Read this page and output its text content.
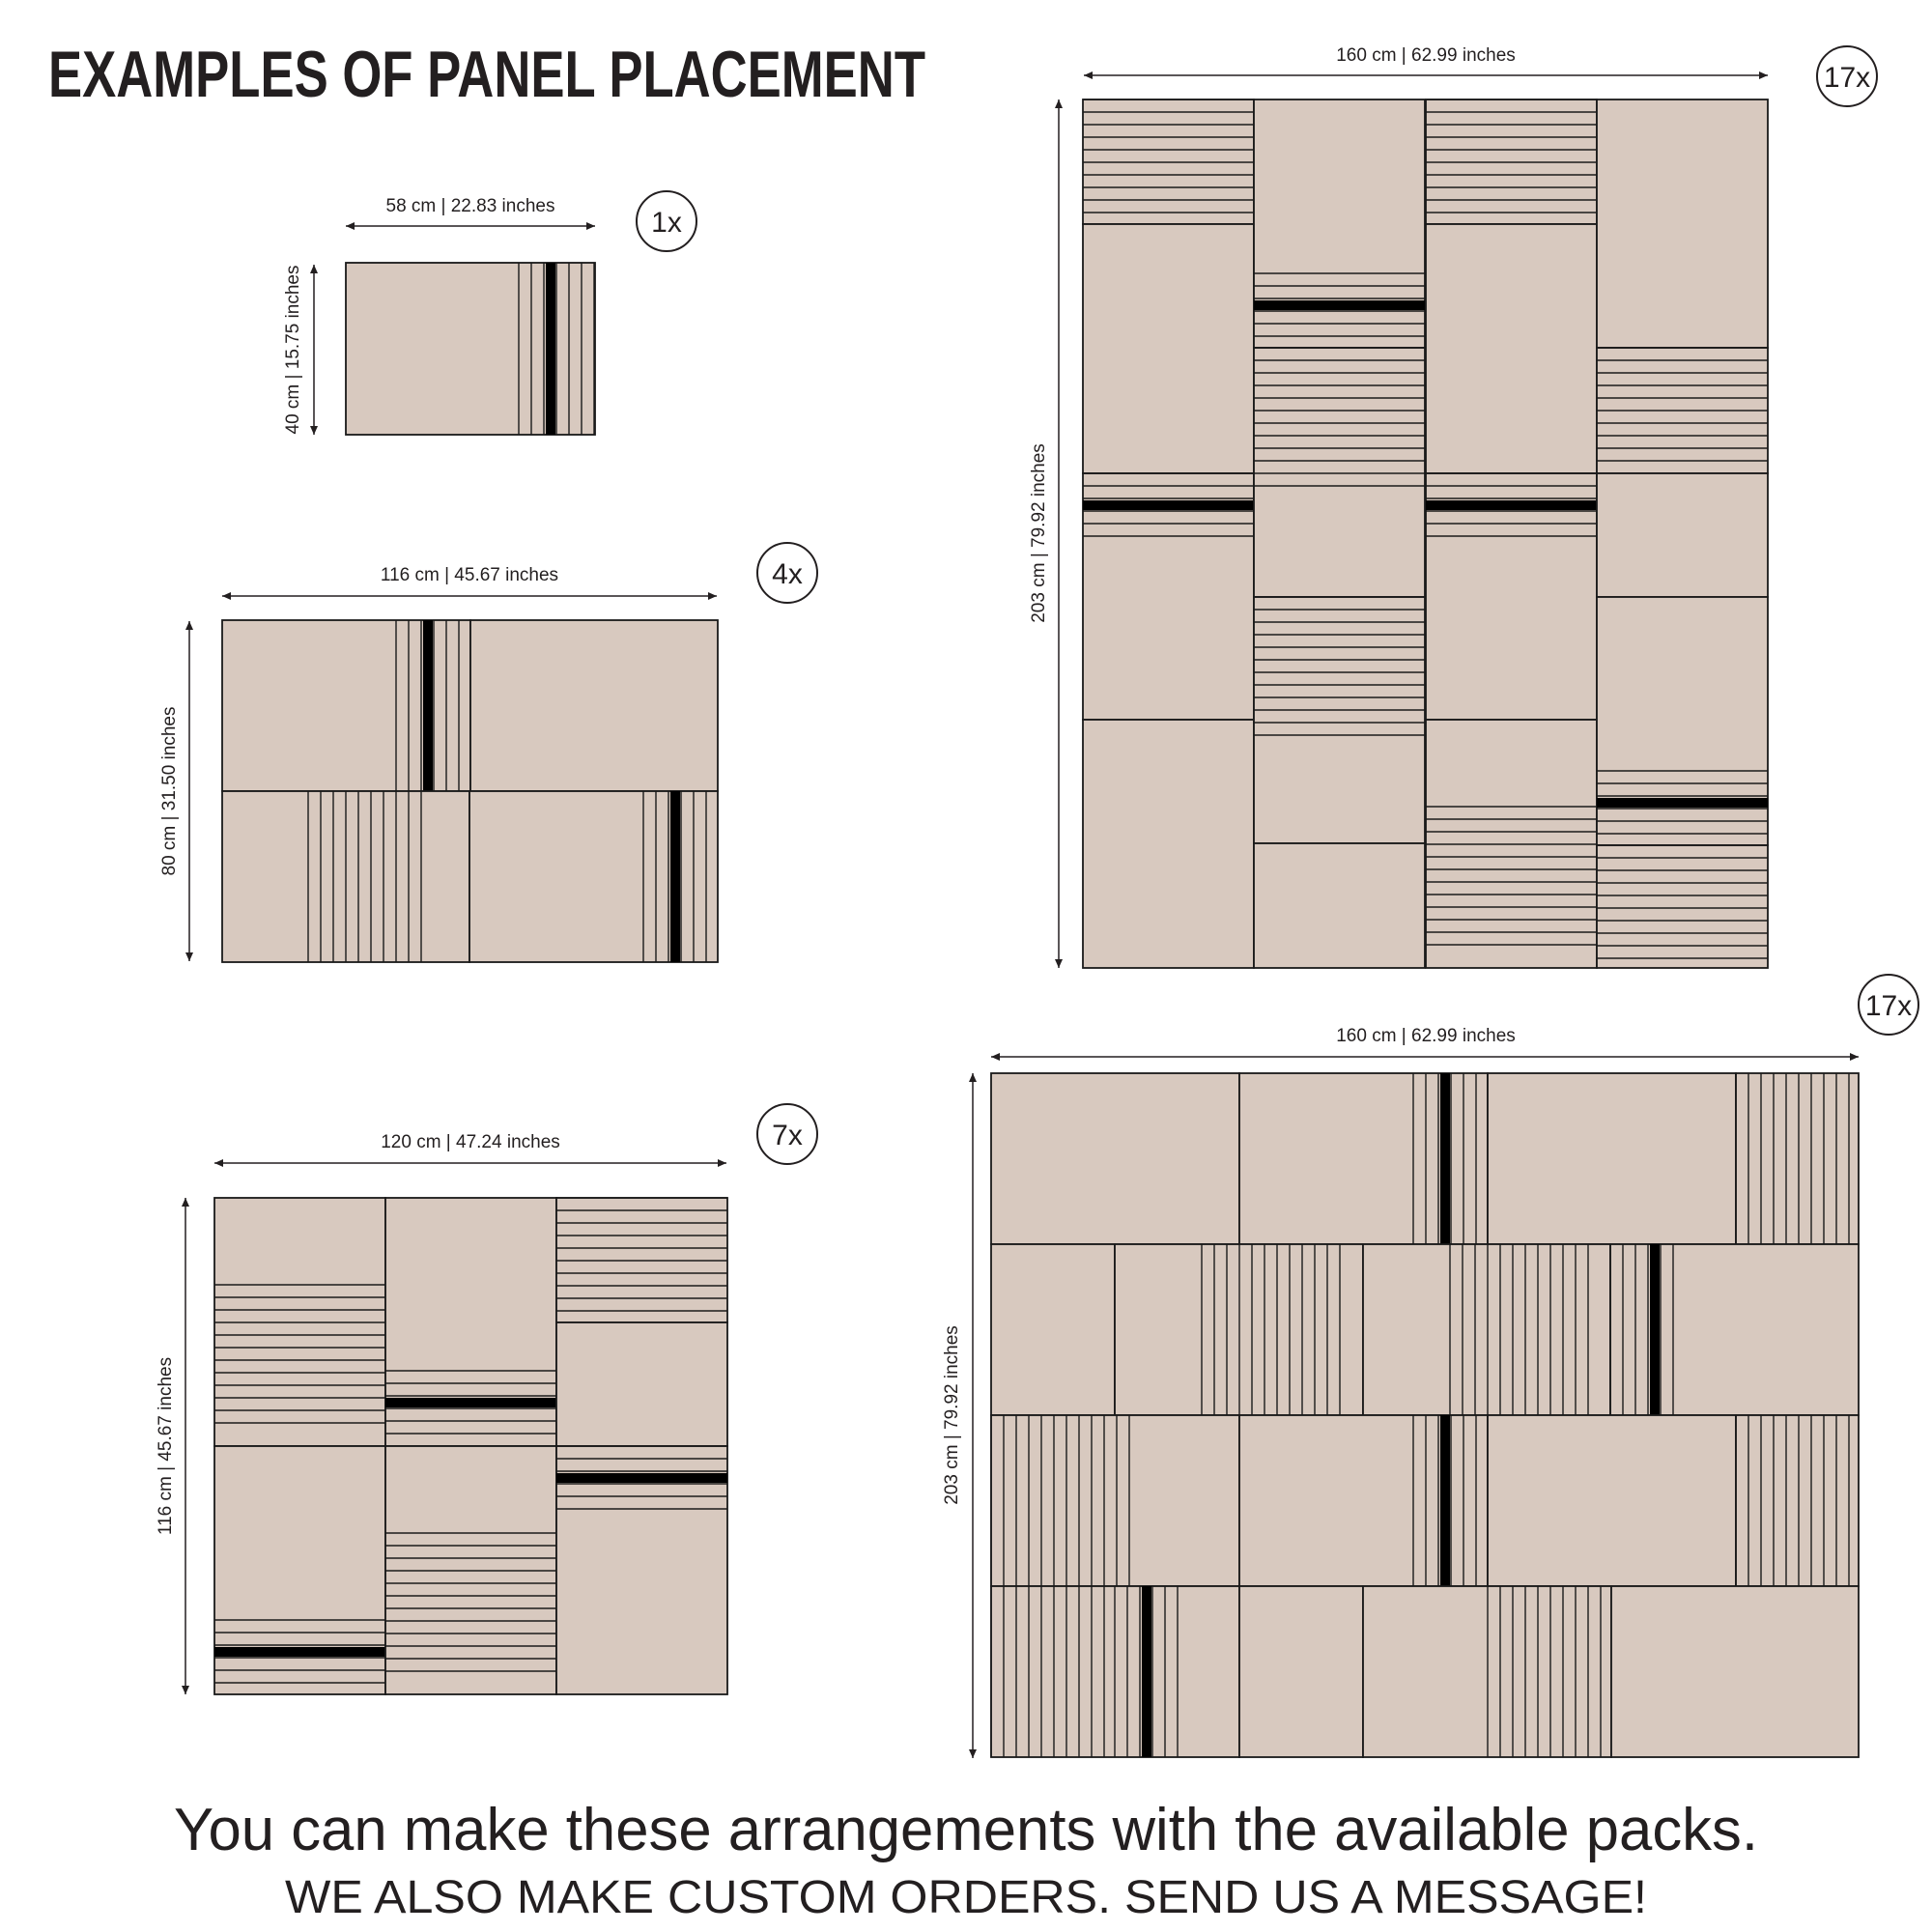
EXAMPLES OF PANEL PLACEMENT
58 cm | 22.83 inches
40 cm | 15.75 inches
1x
116 cm | 45.67 inches
80 cm | 31.50 inches
4x
120 cm | 47.24 inches
116 cm | 45.67 inches
7x
160 cm | 62.99 inches
203 cm | 79.92 inches
17x
160 cm | 62.99 inches
203 cm | 79.92 inches
17x
You can make these arrangements with the available packs.
WE ALSO MAKE CUSTOM ORDERS. SEND US A MESSAGE!
